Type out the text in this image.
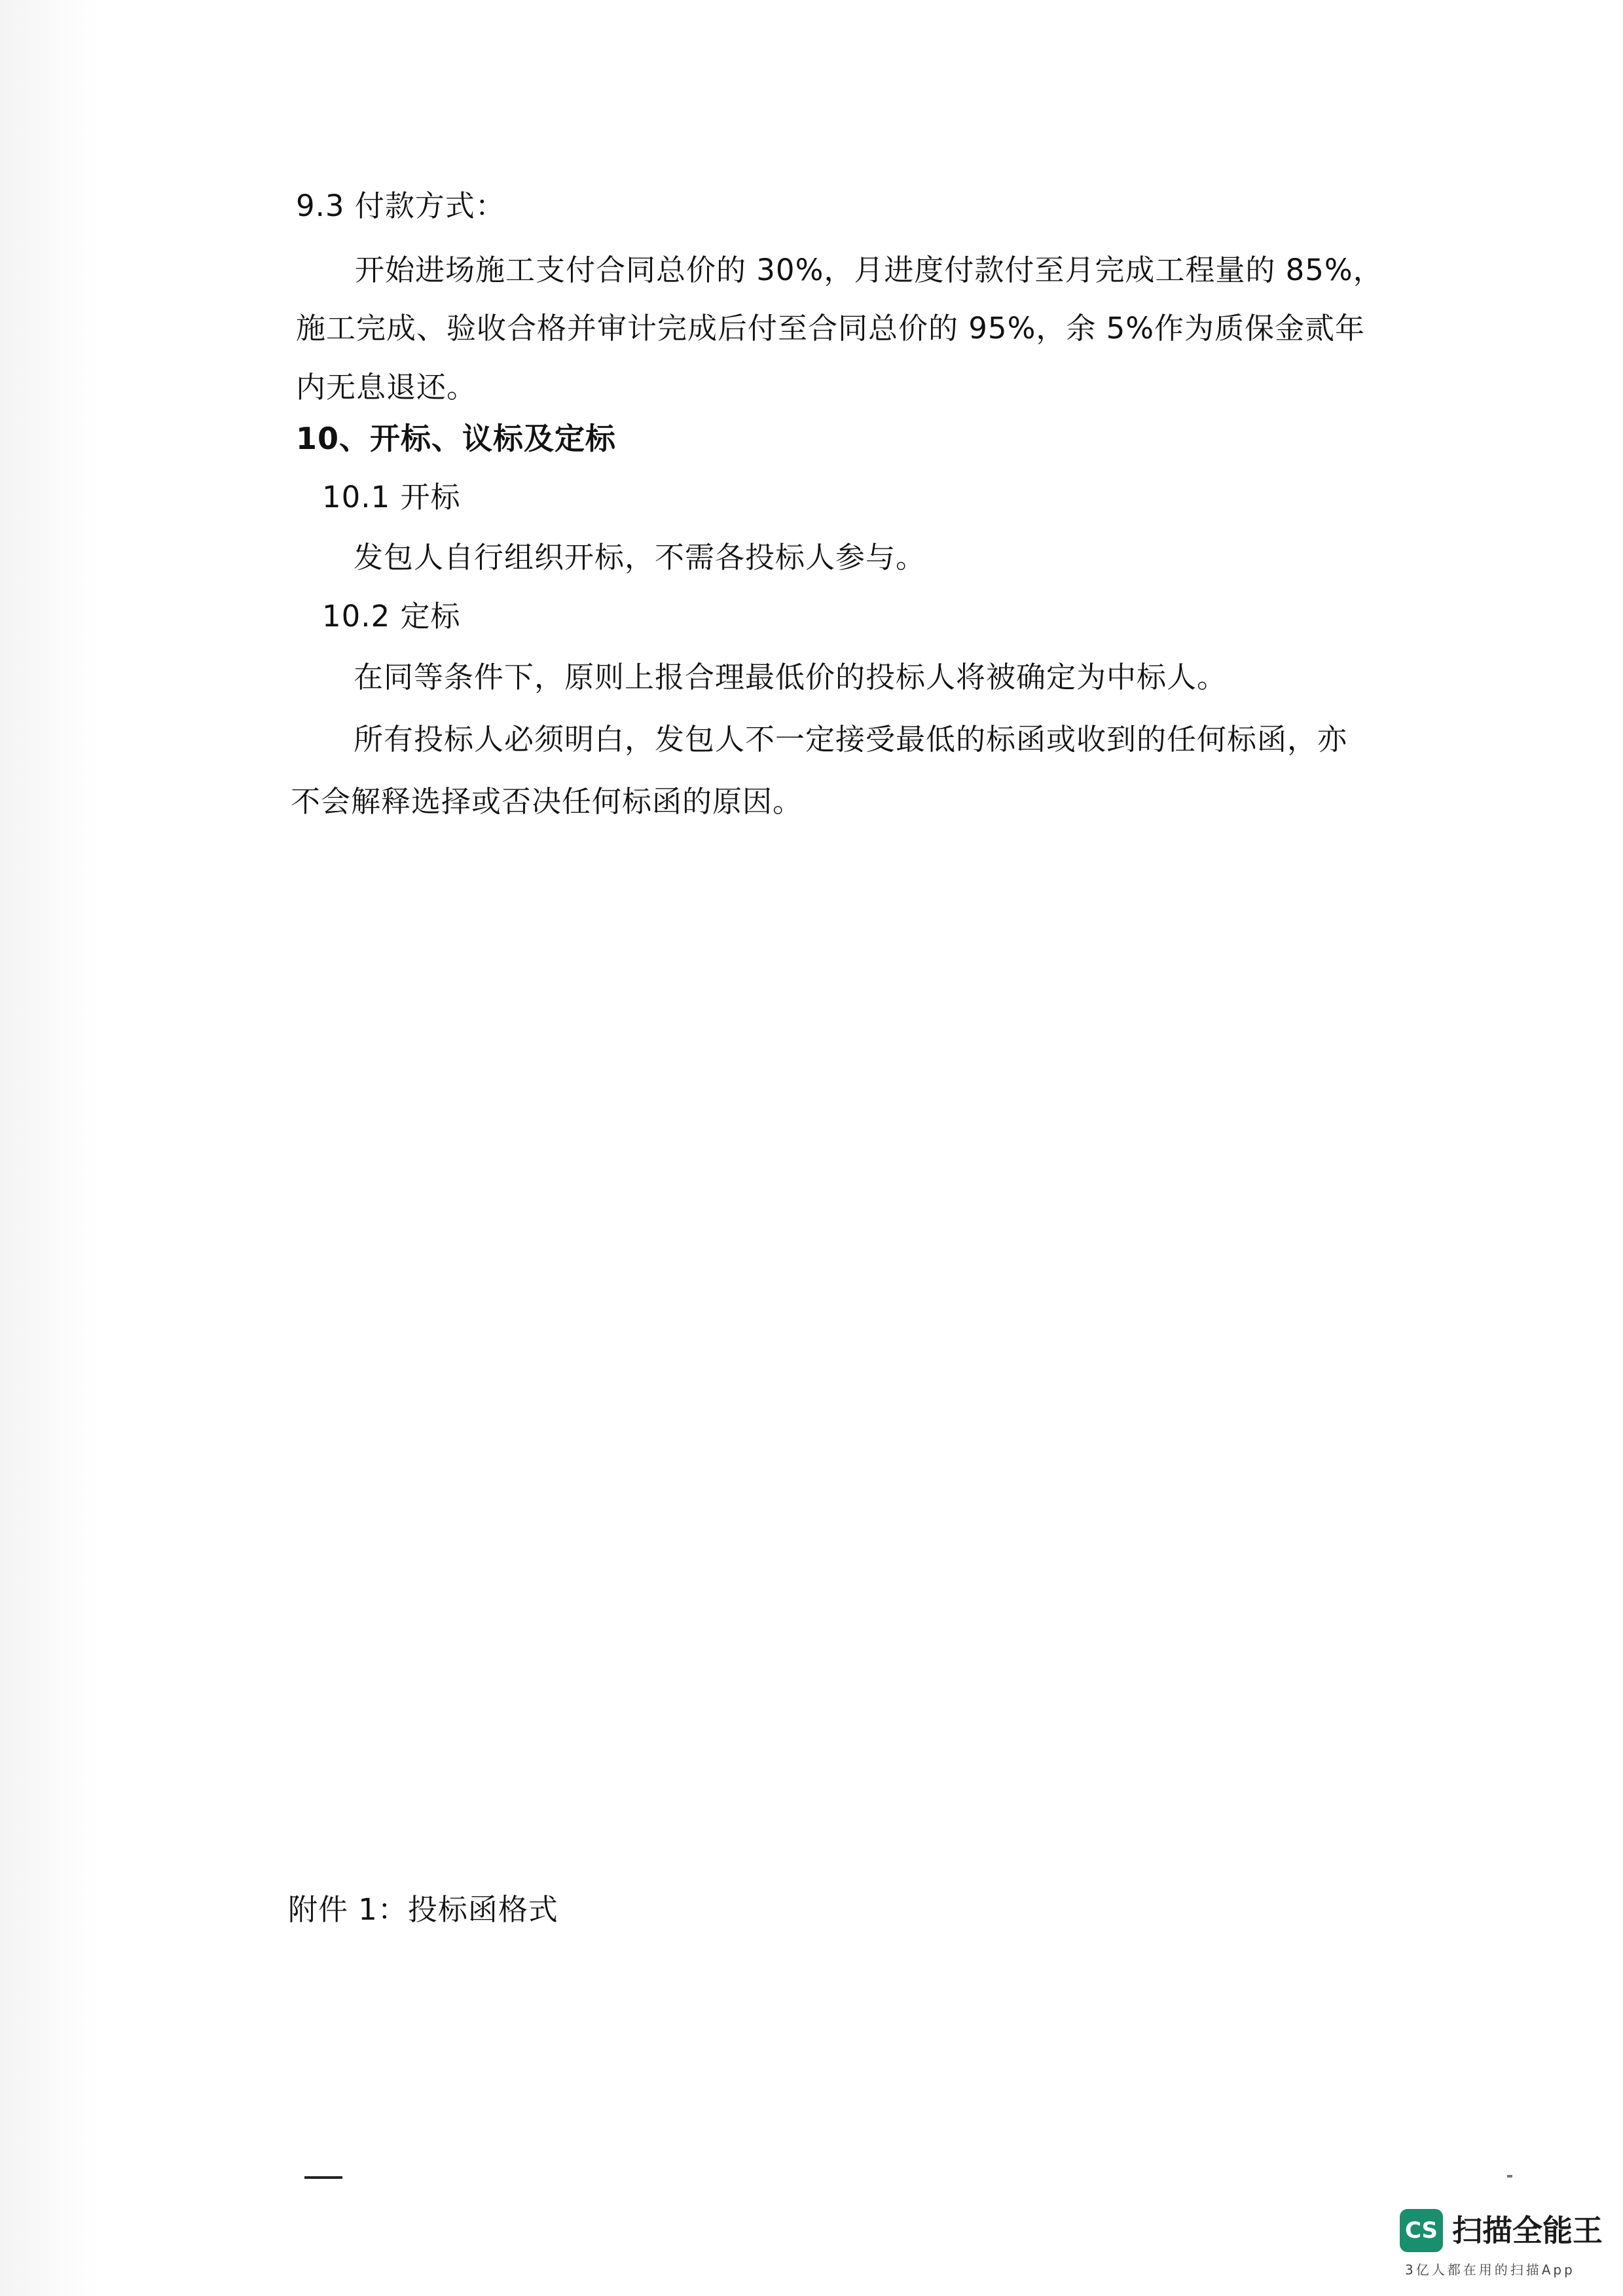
9.3 付款方式：
开始进场施工支付合同总价的 30%，月进度付款付至月完成工程量的 85%，
施工完成、验收合格并审计完成后付至合同总价的 95%，余 5%作为质保金贰年
内无息退还。
10、开标、议标及定标
10.1 开标
发包人自行组织开标，不需各投标人参与。
10.2 定标
在同等条件下，原则上报合理最低价的投标人将被确定为中标人。
所有投标人必须明白，发包人不一定接受最低的标函或收到的任何标函，亦
不会解释选择或否决任何标函的原因。
附件 1：投标函格式
CS 扫描全能王
3亿人都在用的扫描App
